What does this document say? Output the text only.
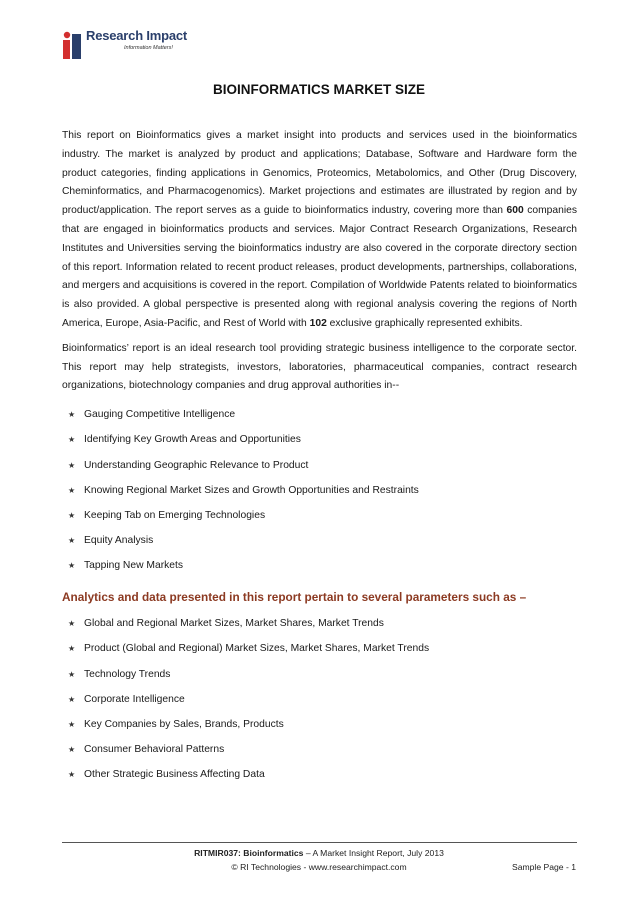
Research Impact
Information Matters!
BIOINFORMATICS MARKET SIZE

This report on Bioinformatics gives a market insight into products and services used in the bioinformatics industry. The market is analyzed by product and applications; Database, Software and Hardware form the product categories, finding applications in Genomics, Proteomics, Metabolomics, and Other (Drug Discovery, Cheminformatics, and Pharmacogenomics). Market projections and estimates are illustrated by region and by product/application. The report serves as a guide to bioinformatics industry, covering more than 600 companies that are engaged in bioinformatics products and services. Major Contract Research Organizations, Research Institutes and Universities serving the bioinformatics industry are also covered in the corporate directory section of this report. Information related to recent product releases, product developments, partnerships, collaborations, and mergers and acquisitions is covered in the report. Compilation of Worldwide Patents related to bioinformatics is also provided. A global perspective is presented along with regional analysis covering the regions of North America, Europe, Asia-Pacific, and Rest of World with 102 exclusive graphically represented exhibits.

Bioinformatics’ report is an ideal research tool providing strategic business intelligence to the corporate sector. This report may help strategists, investors, laboratories, pharmaceutical companies, contract research organizations, biotechnology companies and drug approval authorities in--

★ Gauging Competitive Intelligence
★ Identifying Key Growth Areas and Opportunities
★ Understanding Geographic Relevance to Product
★ Knowing Regional Market Sizes and Growth Opportunities and Restraints
★ Keeping Tab on Emerging Technologies
★ Equity Analysis
★ Tapping New Markets
Analytics and data presented in this report pertain to several parameters such as –
★ Global and Regional Market Sizes, Market Shares, Market Trends
★ Product (Global and Regional) Market Sizes, Market Shares, Market Trends
★ Technology Trends
★ Corporate Intelligence
★ Key Companies by Sales, Brands, Products
★ Consumer Behavioral Patterns
★ Other Strategic Business Affecting Data
RITMIR037: Bioinformatics – A Market Insight Report, July 2013
© RI Technologies - www.researchimpact.com	Sample Page - 1
